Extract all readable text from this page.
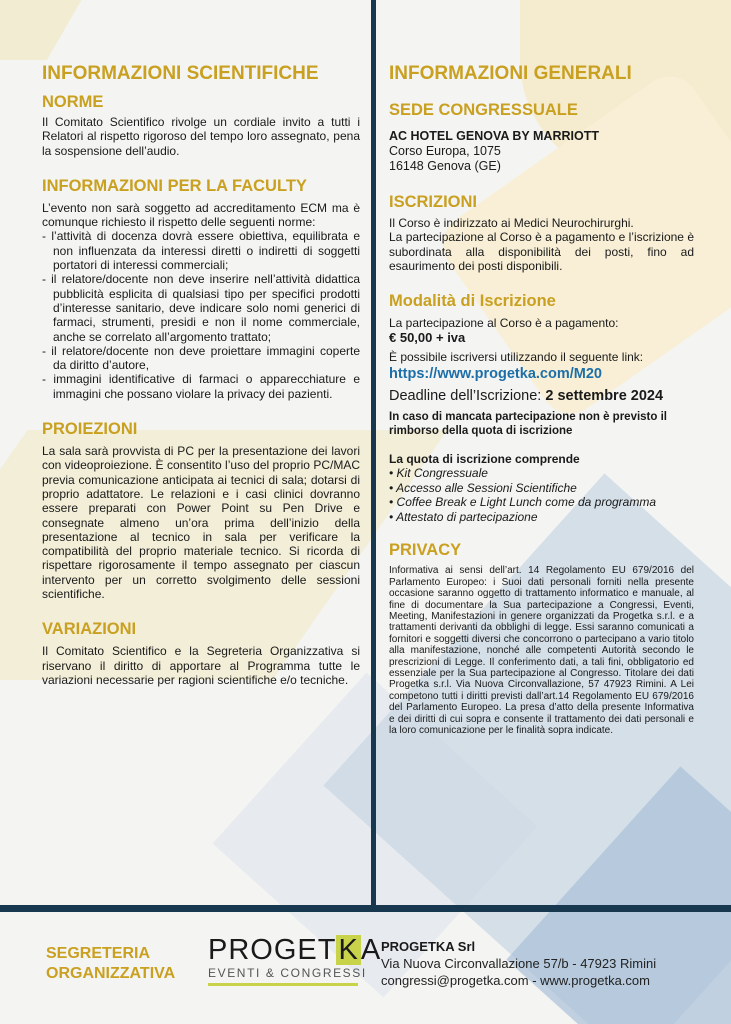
INFORMAZIONI SCIENTIFICHE
NORME

Il Comitato Scientifico rivolge un cordiale invito a tutti i Relatori al rispetto rigoroso del tempo loro assegnato, pena la sospensione dell’audio.

INFORMAZIONI PER LA FACULTY

L’evento non sarà soggetto ad accreditamento ECM ma è comunque richiesto il rispetto delle seguenti norme:

- l’attività di docenza dovrà essere obiettiva, equilibrata e non influenzata da interessi diretti o indiretti di soggetti portatori di interessi commerciali;
- il relatore/docente non deve inserire nell’attività didattica pubblicità esplicita di qualsiasi tipo per specifici prodotti d’interesse sanitario, deve indicare solo nomi generici di farmaci, strumenti, presidi e non il nome commerciale, anche se correlato all’argomento trattato;
- il relatore/docente non deve proiettare immagini coperte da diritto d’autore,
- immagini identificative di farmaci o apparecchiature e immagini che possano violare la privacy dei pazienti.
PROIEZIONI

La sala sarà provvista di PC per la presentazione dei lavori con videoproiezione. È consentito l’uso del proprio PC/MAC previa comunicazione anticipata ai tecnici di sala; dotarsi di proprio adattatore. Le relazioni e i casi clinici dovranno essere preparati con Power Point su Pen Drive e consegnate almeno un’ora prima dell’inizio della presentazione al tecnico in sala per verificare la compatibilità del proprio materiale tecnico. Si ricorda di rispettare rigorosamente il tempo assegnato per ciascun intervento per un corretto svolgimento delle sessioni scientifiche.

VARIAZIONI

Il Comitato Scientifico e la Segreteria Organizzativa si riservano il diritto di apportare al Programma tutte le variazioni necessarie per ragioni scientifiche e/o tecniche.

INFORMAZIONI GENERALI
SEDE CONGRESSUALE
AC HOTEL GENOVA BY MARRIOTT
Corso Europa, 1075
16148 Genova (GE)
ISCRIZIONI

Il Corso è indirizzato ai Medici Neurochirurghi.

La partecipazione al Corso è a pagamento e l’iscrizione è subordinata alla disponibilità dei posti, fino ad esaurimento dei posti disponibili.

Modalità di Iscrizione

La partecipazione al Corso è a pagamento:

€ 50,00 + iva

È possibile iscriversi utilizzando il seguente link:

https://www.progetka.com/M20
Deadline dell’Iscrizione: 2 settembre 2024

In caso di mancata partecipazione non è previsto il rimborso della quota di iscrizione

La quota di iscrizione comprende
• Kit Congressuale
• Accesso alle Sessioni Scientifiche
• Coffee Break e Light Lunch come da programma
• Attestato di partecipazione
PRIVACY

Informativa ai sensi dell’art. 14 Regolamento EU 679/2016 del Parlamento Europeo: i Suoi dati personali forniti nella presente occasione saranno oggetto di trattamento informatico e manuale, al fine di documentare la Sua partecipazione a Congressi, Eventi, Meeting, Manifestazioni in genere organizzati da Progetka s.r.l. e a trattamenti derivanti da obblighi di legge. Essi saranno comunicati a fornitori e soggetti diversi che concorrono o partecipano a vario titolo alla manifestazione, nonché alle competenti Autorità secondo le prescrizioni di Legge. Il conferimento dati, a tali fini, obbligatorio ed essenziale per la Sua partecipazione al Congresso. Titolare dei dati Progetka s.r.l. Via Nuova Circonvallazione, 57 47923 Rimini. A Lei competono tutti i diritti previsti dall’art.14 Regolamento EU 679/2016 del Parlamento Europeo. La presa d’atto della presente Informativa e dei diritti di cui sopra e consente il trattamento dei dati personali e la loro comunicazione per le finalità sopra indicate.

SEGRETERIA
ORGANIZZATIVA
PROGETKA
EVENTI & CONGRESSI
PROGETKA Srl
Via Nuova Circonvallazione 57/b - 47923 Rimini
congressi@progetka.com - www.progetka.com
